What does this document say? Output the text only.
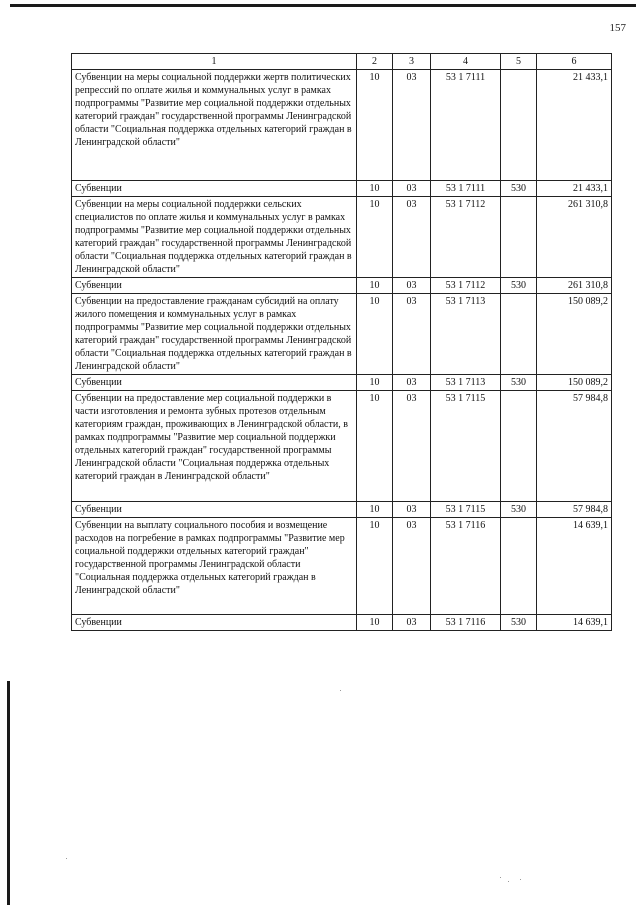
157
1	2	3	4	5	6
Субвенции на меры социальной поддержки жертв политических репрессий по оплате жилья и коммунальных услуг в рамках подпрограммы "Развитие мер социальной поддержки отдельных категорий граждан" государственной программы Ленинградской области "Социальная поддержка отдельных категорий граждан в Ленинградской области"	10	03	53 1 7111		21 433,1
Субвенции	10	03	53 1 7111	530	21 433,1
Субвенции на меры социальной поддержки сельских специалистов по оплате жилья и коммунальных услуг в рамках подпрограммы "Развитие мер социальной поддержки отдельных категорий граждан" государственной программы Ленинградской области "Социальная поддержка отдельных категорий граждан в Ленинградской области"	10	03	53 1 7112		261 310,8
Субвенции	10	03	53 1 7112	530	261 310,8
Субвенции на предоставление гражданам субсидий на оплату жилого помещения и коммунальных услуг в рамках подпрограммы "Развитие мер социальной поддержки отдельных категорий граждан" государственной программы Ленинградской области "Социальная поддержка отдельных категорий граждан в Ленинградской области"	10	03	53 1 7113		150 089,2
Субвенции	10	03	53 1 7113	530	150 089,2
Субвенции на предоставление мер социальной поддержки в части изготовления и ремонта зубных протезов отдельным категориям граждан, проживающих в Ленинградской области, в рамках подпрограммы "Развитие мер социальной поддержки отдельных категорий граждан" государственной программы Ленинградской области "Социальная поддержка отдельных категорий граждан в Ленинградской области"	10	03	53 1 7115		57 984,8
Субвенции	10	03	53 1 7115	530	57 984,8
Субвенции на выплату социального пособия и возмещение расходов на погребение в рамках подпрограммы "Развитие мер социальной поддержки отдельных категорий граждан" государственной программы Ленинградской области "Социальная поддержка отдельных категорий граждан в Ленинградской области"	10	03	53 1 7116		14 639,1
Субвенции	10	03	53 1 7116	530	14 639,1
